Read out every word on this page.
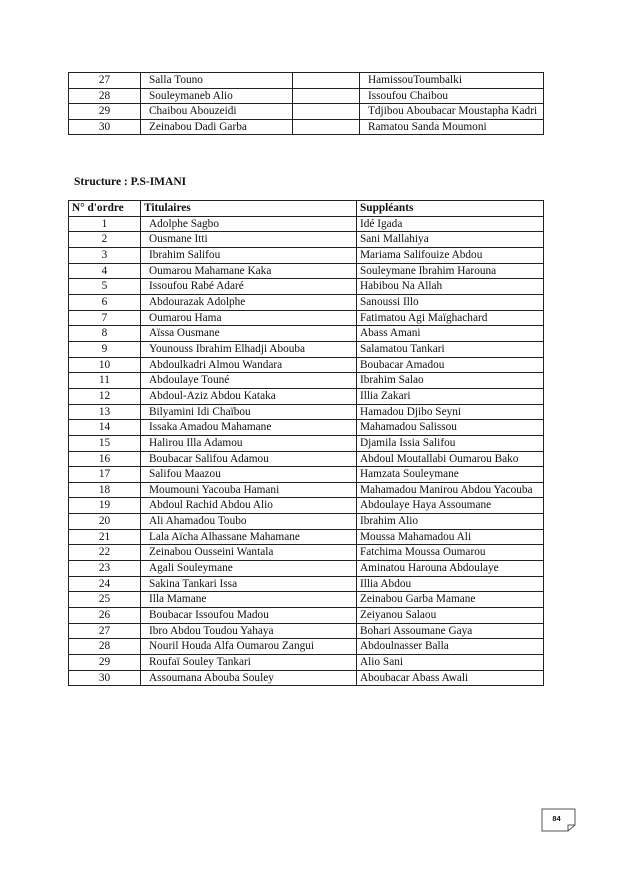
27	Salla Touno		HamissouToumbalki
28	Souleymaneb Alio		Issoufou Chaibou
29	Chaibou Abouzeidi		Tdjibou Aboubacar Moustapha Kadri
30	Zeinabou Dadi Garba		Ramatou Sanda Moumoni
Structure : P.S-IMANI
N° d'ordre	Titulaires	Suppléants
1	Adolphe Sagbo	Idé Igada
2	Ousmane Itti	Sani Mallahiya
3	Ibrahim Salifou	Mariama Salifouize Abdou
4	Oumarou Mahamane Kaka	Souleymane Ibrahim Harouna
5	Issoufou Rabé Adaré	Habibou Na Allah
6	Abdourazak Adolphe	Sanoussi Illo
7	Oumarou Hama	Fatimatou Agi Maïghachard
8	Aïssa Ousmane	Abass Amani
9	Younouss Ibrahim Elhadji Abouba	Salamatou Tankari
10	Abdoulkadri Almou Wandara	Boubacar Amadou
11	Abdoulaye Touné	Ibrahim Salao
12	Abdoul-Aziz Abdou Kataka	Illia Zakari
13	Bilyamini Idi Chaïbou	Hamadou Djibo Seyni
14	Issaka Amadou Mahamane	Mahamadou Salissou
15	Halirou Illa Adamou	Djamila Issia Salifou
16	Boubacar Salifou Adamou	Abdoul Moutallabi Oumarou Bako
17	Salifou Maazou	Hamzata Souleymane
18	Moumouni Yacouba Hamani	Mahamadou Manirou Abdou Yacouba
19	Abdoul Rachid Abdou Alio	Abdoulaye Haya Assoumane
20	Ali Ahamadou Toubo	Ibrahim Alio
21	Lala Aïcha Alhassane Mahamane	Moussa Mahamadou Ali
22	Zeinabou Ousseini Wantala	Fatchima Moussa Oumarou
23	Agali Souleymane	Aminatou Harouna Abdoulaye
24	Sakina Tankari Issa	Illia Abdou
25	Illa Mamane	Zeinabou Garba Mamane
26	Boubacar Issoufou Madou	Zeiyanou Salaou
27	Ibro Abdou Toudou Yahaya	Bohari Assoumane Gaya
28	Nouril Houda Alfa Oumarou Zangui	Abdoulnasser Balla
29	Roufaï Souley Tankari	Alio Sani
30	Assoumana Abouba Souley	Aboubacar Abass Awali
84
